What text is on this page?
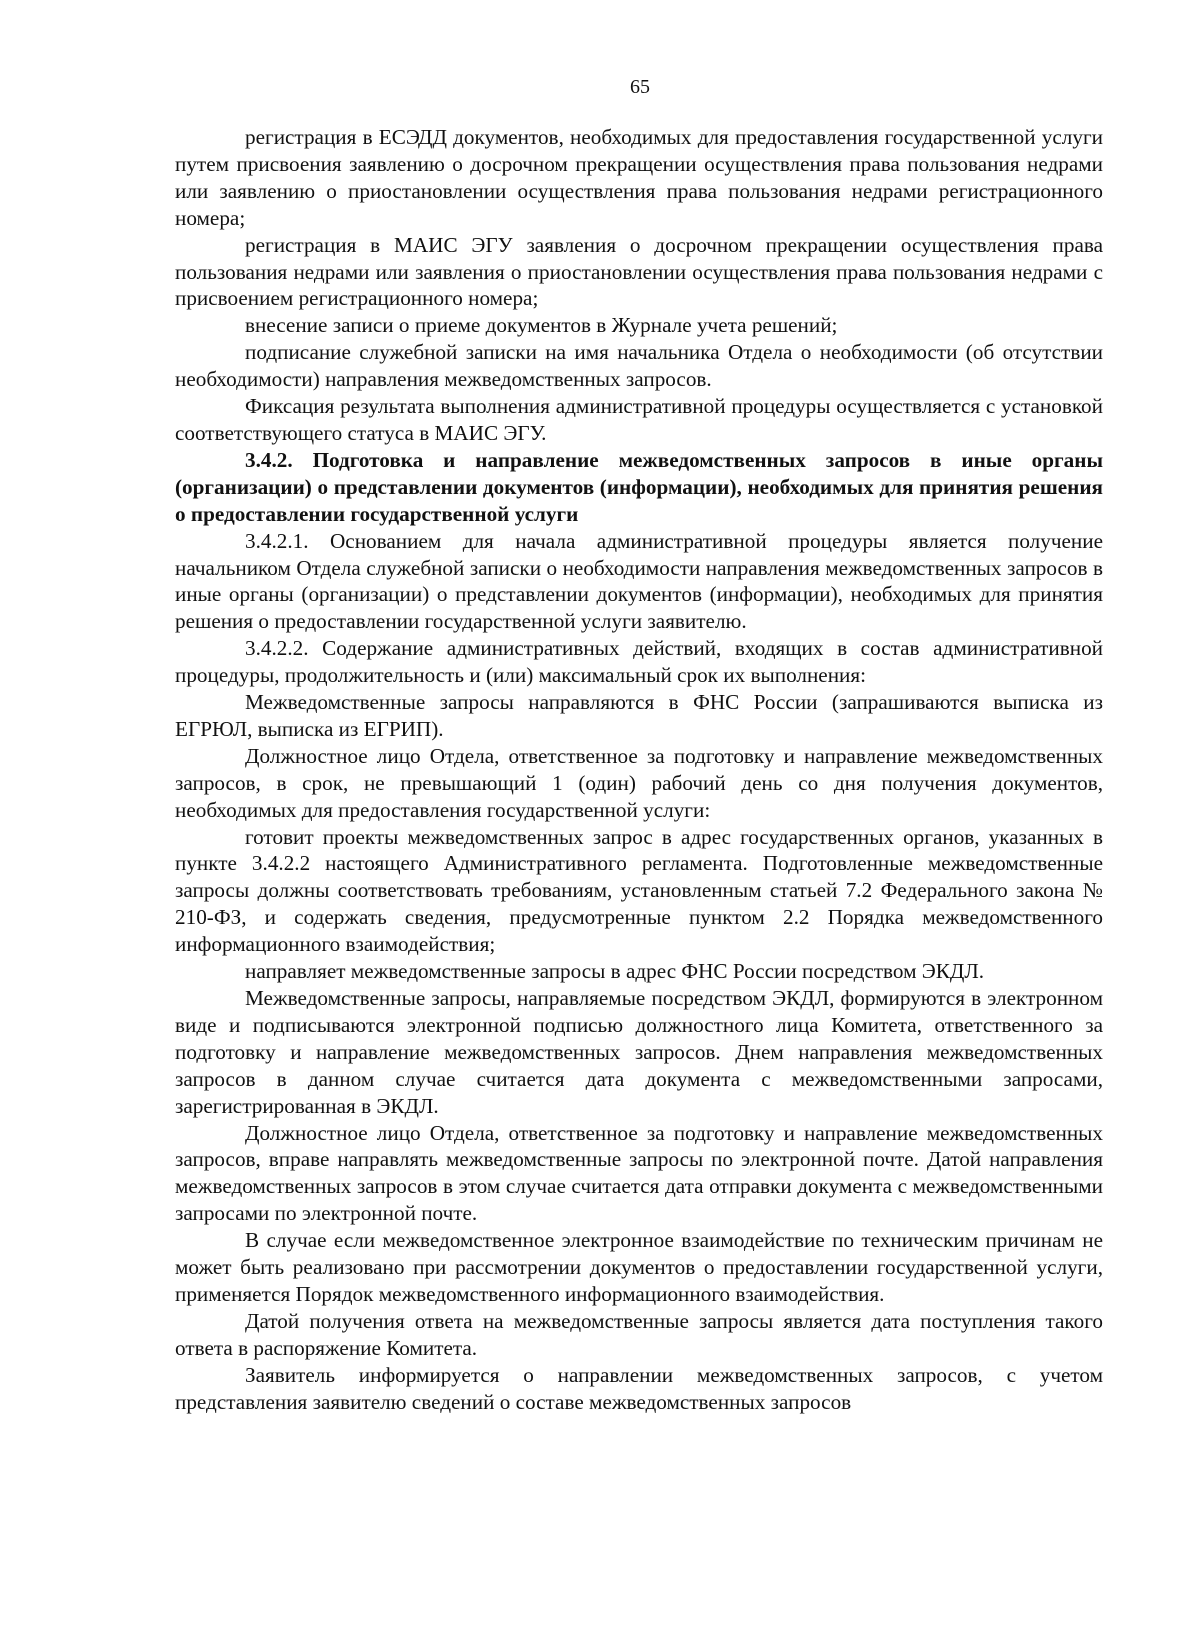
65

регистрация в ЕСЭДД документов, необходимых для предоставления государственной услуги путем присвоения заявлению о досрочном прекращении осуществления права пользования недрами или заявлению о приостановлении осуществления права пользования недрами регистрационного номера;

регистрация в МАИС ЭГУ заявления о досрочном прекращении осуществления права пользования недрами или заявления о приостановлении осуществления права пользования недрами с присвоением регистрационного номера;

внесение записи о приеме документов в Журнале учета решений;

подписание служебной записки на имя начальника Отдела о необходимости (об отсутствии необходимости) направления межведомственных запросов.

Фиксация результата выполнения административной процедуры осуществляется с установкой соответствующего статуса в МАИС ЭГУ.

3.4.2. Подготовка и направление межведомственных запросов в иные органы (организации) о представлении документов (информации), необходимых для принятия решения о предоставлении государственной услуги

3.4.2.1. Основанием для начала административной процедуры является получение начальником Отдела служебной записки о необходимости направления межведомственных запросов в иные органы (организации) о представлении документов (информации), необходимых для принятия решения о предоставлении государственной услуги заявителю.

3.4.2.2. Содержание административных действий, входящих в состав административной процедуры, продолжительность и (или) максимальный срок их выполнения:

Межведомственные запросы направляются в ФНС России (запрашиваются выписка из ЕГРЮЛ, выписка из ЕГРИП).

Должностное лицо Отдела, ответственное за подготовку и направление межведомственных запросов, в срок, не превышающий 1 (один) рабочий день со дня получения документов, необходимых для предоставления государственной услуги:

готовит проекты межведомственных запрос в адрес государственных органов, указанных в пункте 3.4.2.2 настоящего Административного регламента. Подготовленные межведомственные запросы должны соответствовать требованиям, установленным статьей 7.2 Федерального закона № 210-ФЗ, и содержать сведения, предусмотренные пунктом 2.2 Порядка межведомственного информационного взаимодействия;

направляет межведомственные запросы в адрес ФНС России посредством ЭКДЛ.

Межведомственные запросы, направляемые посредством ЭКДЛ, формируются в электронном виде и подписываются электронной подписью должностного лица Комитета, ответственного за подготовку и направление межведомственных запросов. Днем направления межведомственных запросов в данном случае считается дата документа с межведомственными запросами, зарегистрированная в ЭКДЛ.

Должностное лицо Отдела, ответственное за подготовку и направление межведомственных запросов, вправе направлять межведомственные запросы по электронной почте. Датой направления межведомственных запросов в этом случае считается дата отправки документа с межведомственными запросами по электронной почте.

В случае если межведомственное электронное взаимодействие по техническим причинам не может быть реализовано при рассмотрении документов о предоставлении государственной услуги, применяется Порядок межведомственного информационного взаимодействия.

Датой получения ответа на межведомственные запросы является дата поступления такого ответа в распоряжение Комитета.

Заявитель информируется о направлении межведомственных запросов, с учетом представления заявителю сведений о составе межведомственных запросов
